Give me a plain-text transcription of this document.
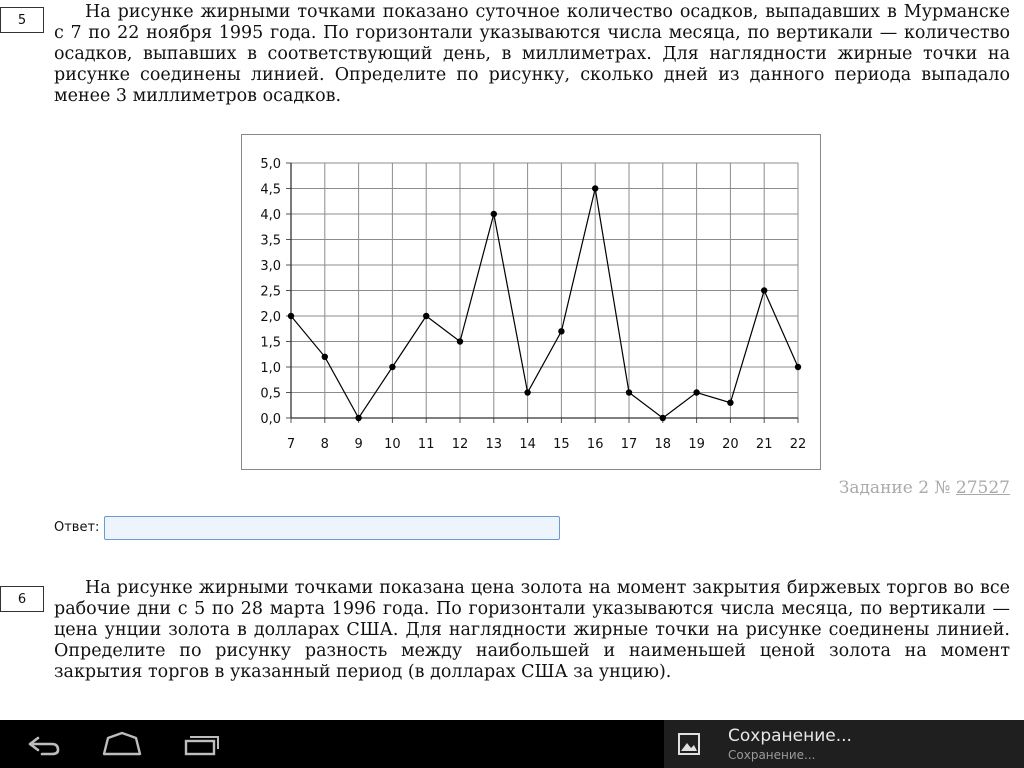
5	На рисунке жирными точками показано суточное количество осадков, выпадавших в Мурманске с 7 по 22 ноября 1995 года. По горизонтали указываются числа месяца, по вертикали — количество осадков, выпавших в соответствующий день, в миллиметрах. Для наглядности жирные точки на рисунке соединены линией. Определите по рисунку, сколько дней из данного периода выпадало менее 3 миллиметров осадков.

0,0
0,5
1,0
1,5
2,0
2,5
3,0
3,5
4,0
4,5
5,0
7 8 9 10 11 12 13 14 15 16 17 18 19 20 21 22
Задание 2 № 27527
Ответ:
6

На рисунке жирными точками показана цена золота на момент закрытия биржевых торгов во все рабочие дни с 5 по 28 марта 1996 года. По горизонтали указываются числа месяца, по вертикали — цена унции золота в долларах США. Для наглядности жирные точки на рисунке соединены линией. Определите по рисунку разность между наибольшей и наименьшей ценой золота на момент закрытия торгов в указанный период (в долларах США за унцию).

Сохранение...
Сохранение...
